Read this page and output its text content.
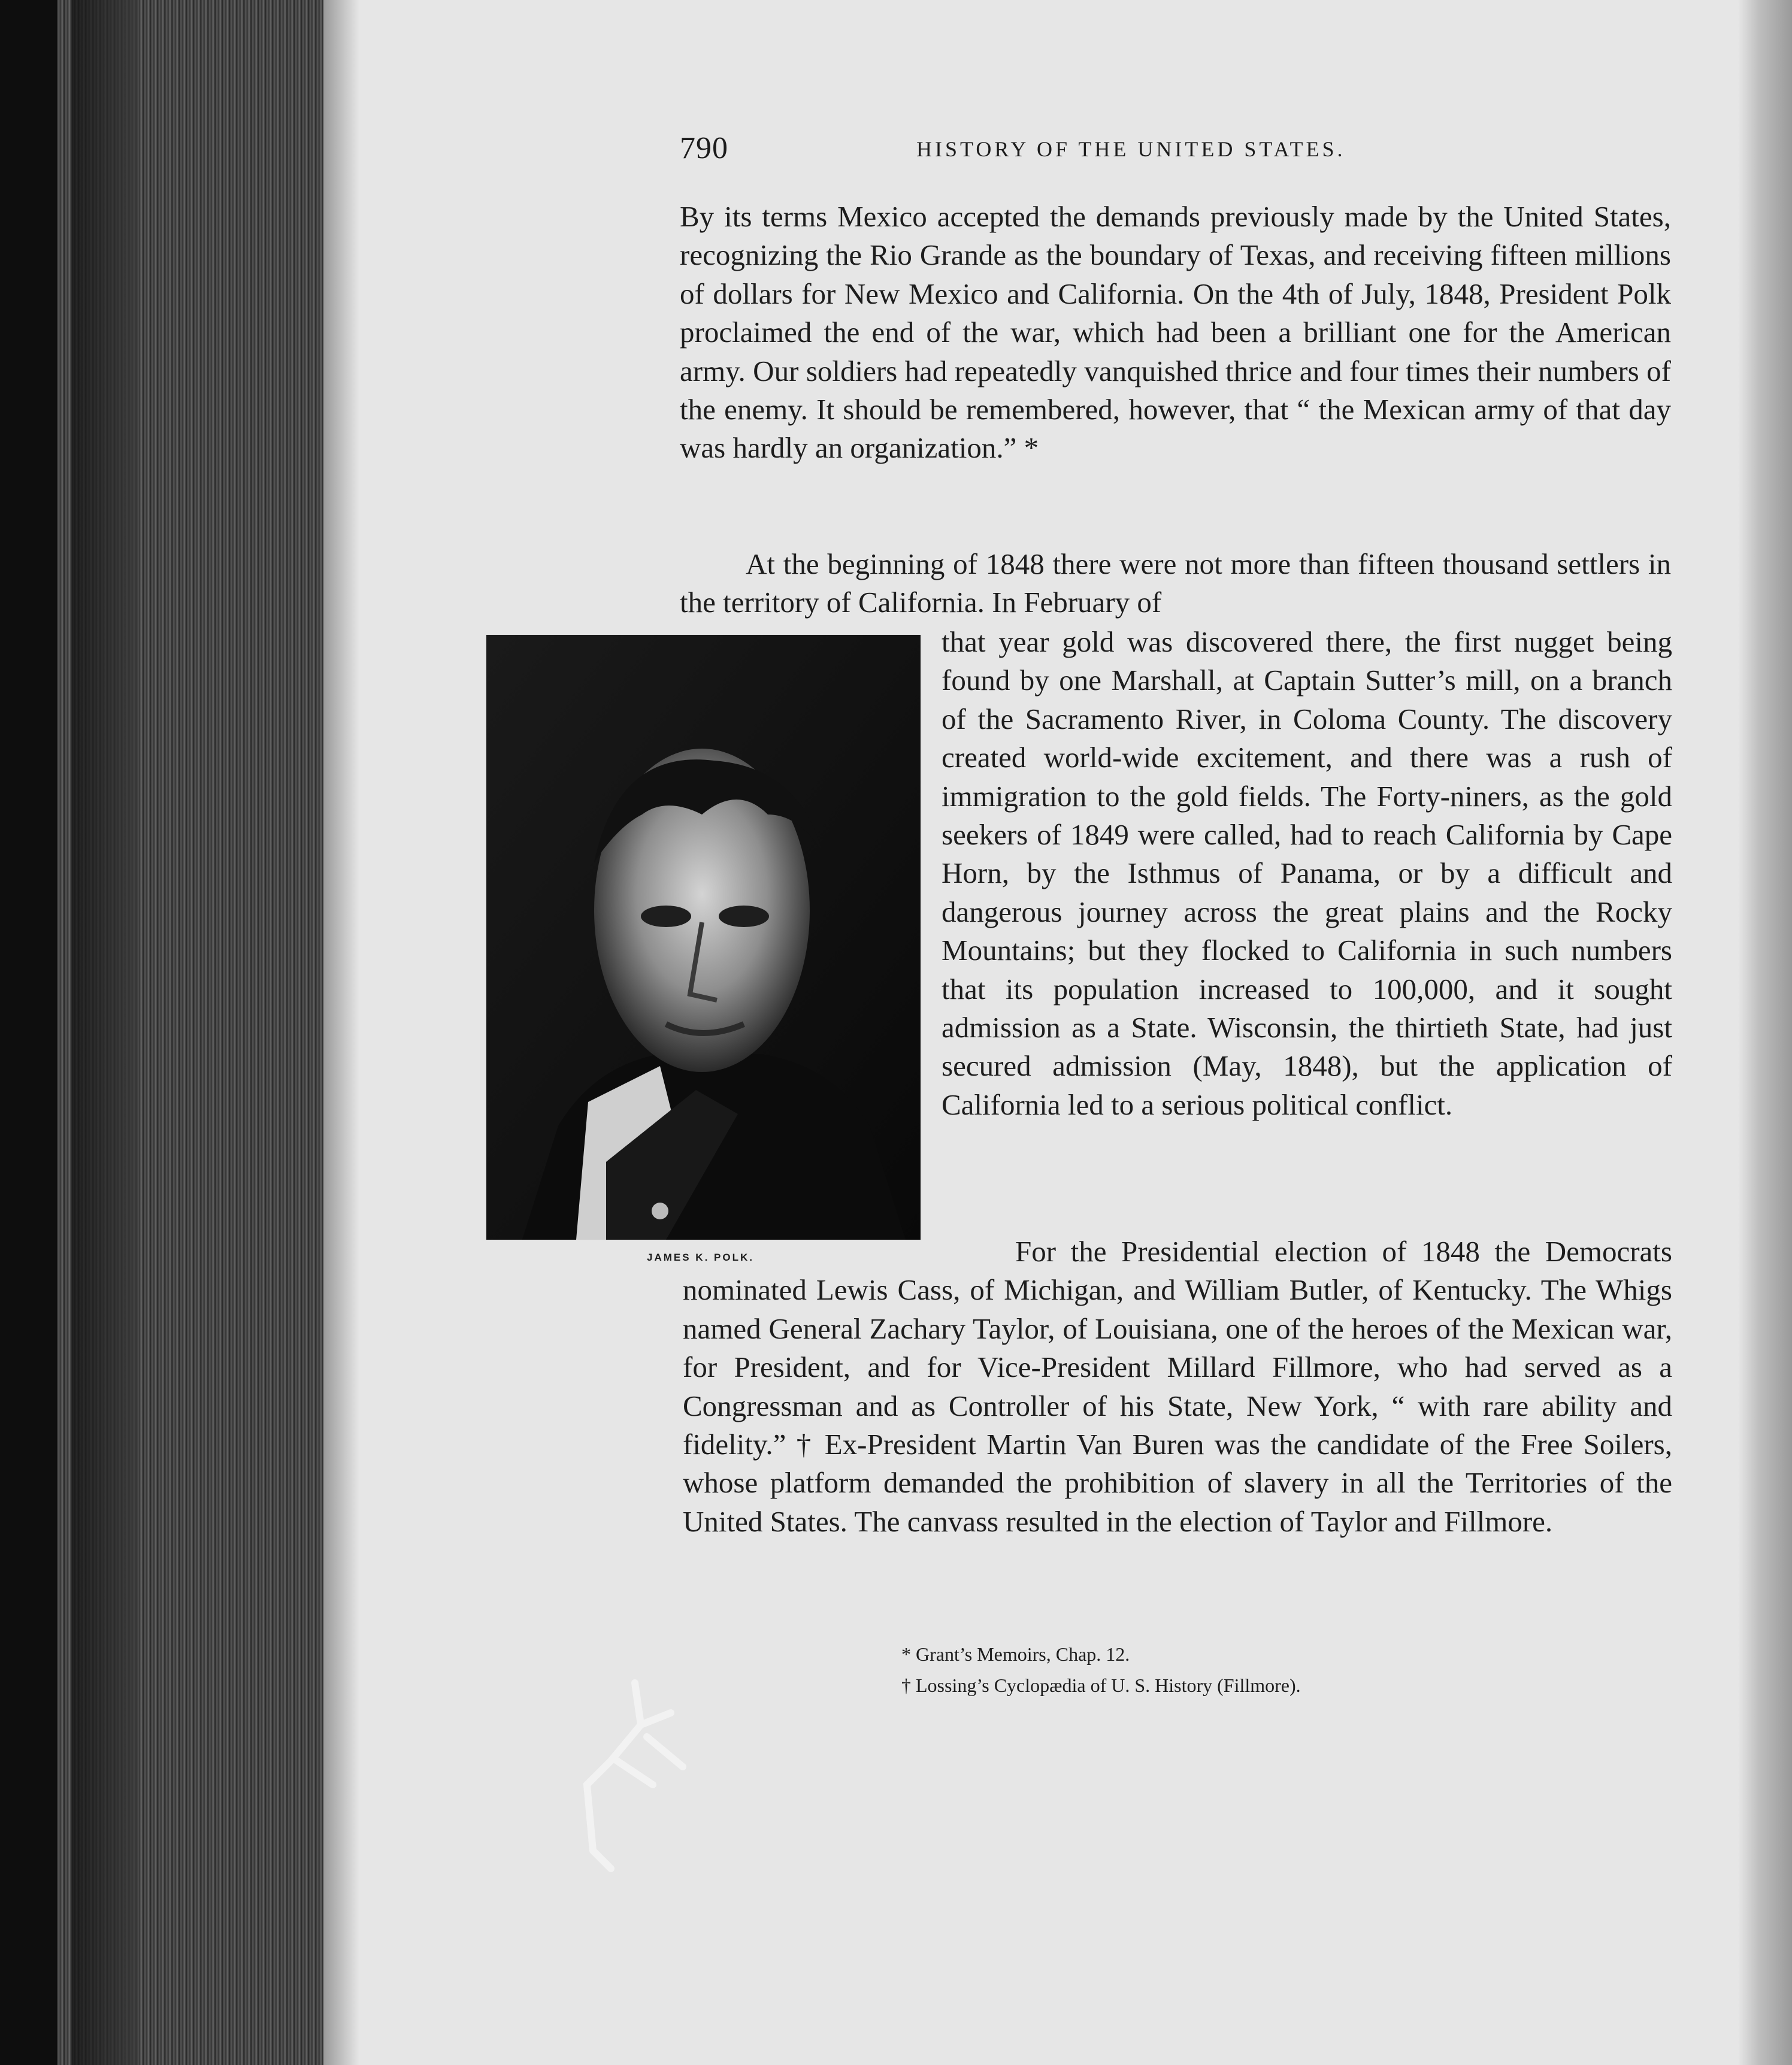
790	HISTORY OF THE UNITED STATES.

By its terms Mexico accepted the demands previously made by the United States, recognizing the Rio Grande as the boundary of Texas, and receiving fifteen millions of dollars for New Mexico and California. On the 4th of July, 1848, President Polk proclaimed the end of the war, which had been a brilliant one for the American army. Our soldiers had repeatedly vanquished thrice and four times their numbers of the enemy. It should be remembered, however, that “ the Mexican army of that day was hardly an organization.” *

At the beginning of 1848 there were not more than fifteen thousand settlers in the territory of California. In February of

JAMES K. POLK.

that year gold was discovered there, the first nugget being found by one Marshall, at Captain Sutter’s mill, on a branch of the Sacramento River, in Coloma County. The discovery created world-wide excitement, and there was a rush of immigration to the gold fields. The Forty-niners, as the gold seekers of 1849 were called, had to reach California by Cape Horn, by the Isthmus of Panama, or by a difficult and dangerous journey across the great plains and the Rocky Mountains; but they flocked to California in such numbers that its population increased to 100,000, and it sought admission as a State. Wisconsin, the thirtieth State, had just secured admission (May, 1848), but the application of California led to a serious political conflict.

For the Presidential election of 1848 the Democrats nominated Lewis Cass, of Michigan, and William Butler, of Kentucky. The Whigs named General Zachary Taylor, of Louisiana, one of the heroes of the Mexican war, for President, and for Vice-President Millard Fillmore, who had served as a Congressman and as Controller of his State, New York, “ with rare ability and fidelity.” † Ex-President Martin Van Buren was the candidate of the Free Soilers, whose platform demanded the prohibition of slavery in all the Territories of the United States. The canvass resulted in the election of Taylor and Fillmore.

* Grant’s Memoirs, Chap. 12.

† Lossing’s Cyclopædia of U. S. History (Fillmore).
